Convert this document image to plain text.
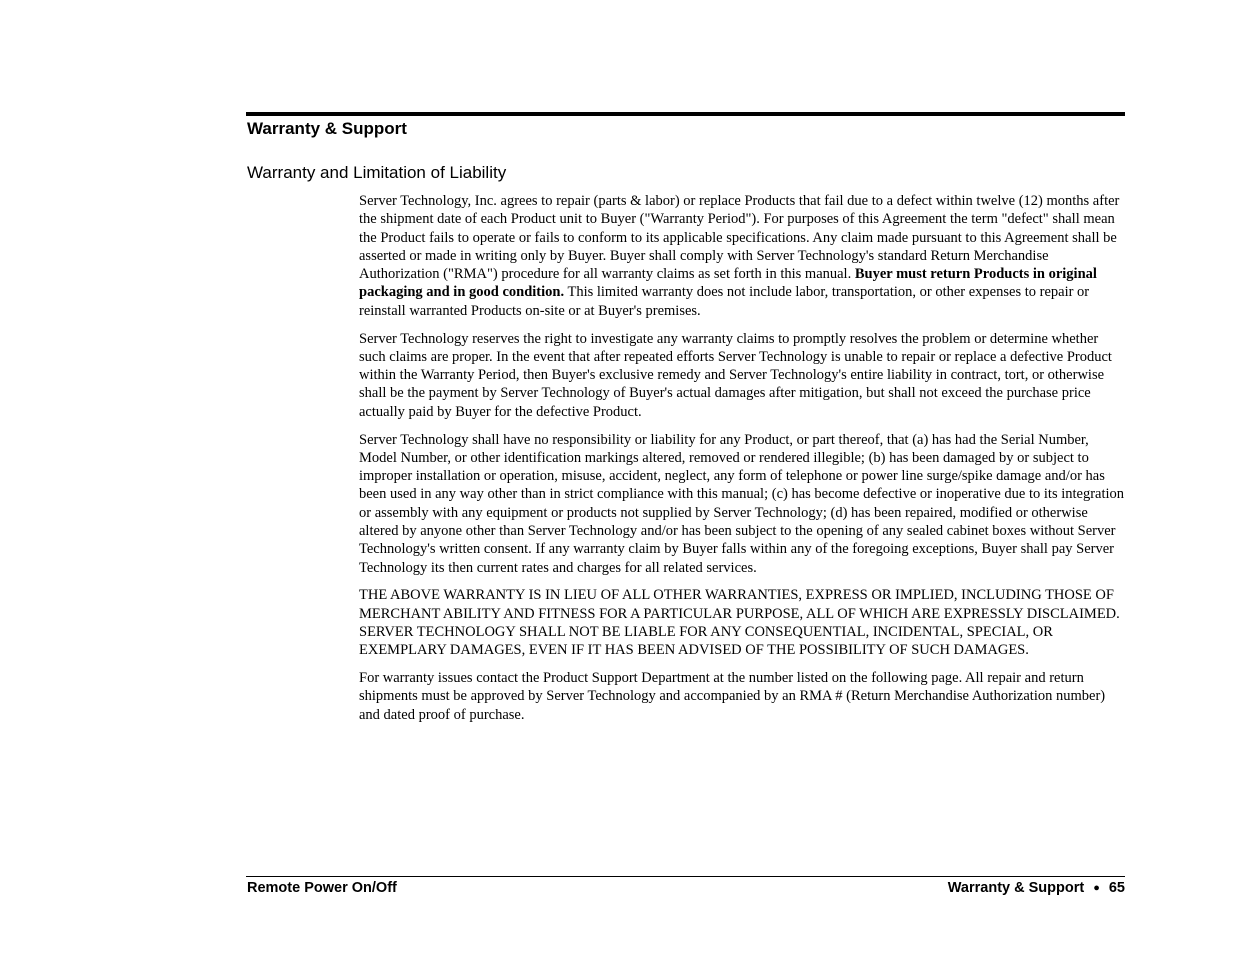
Warranty & Support
Warranty and Limitation of Liability

Server Technology, Inc. agrees to repair (parts & labor) or replace Products that fail due to a defect within twelve (12) months after the shipment date of each Product unit to Buyer ("Warranty Period"). For purposes of this Agreement the term "defect" shall mean the Product fails to operate or fails to conform to its applicable specifications. Any claim made pursuant to this Agreement shall be asserted or made in writing only by Buyer. Buyer shall comply with Server Technology's standard Return Merchandise Authorization ("RMA") procedure for all warranty claims as set forth in this manual. Buyer must return Products in original packaging and in good condition. This limited warranty does not include labor, transportation, or other expenses to repair or reinstall warranted Products on-site or at Buyer's premises.

Server Technology reserves the right to investigate any warranty claims to promptly resolves the problem or determine whether such claims are proper. In the event that after repeated efforts Server Technology is unable to repair or replace a defective Product within the Warranty Period, then Buyer's exclusive remedy and Server Technology's entire liability in contract, tort, or otherwise shall be the payment by Server Technology of Buyer's actual damages after mitigation, but shall not exceed the purchase price actually paid by Buyer for the defective Product.

Server Technology shall have no responsibility or liability for any Product, or part thereof, that (a) has had the Serial Number, Model Number, or other identification markings altered, removed or rendered illegible; (b) has been damaged by or subject to improper installation or operation, misuse, accident, neglect, any form of telephone or power line surge/spike damage and/or has been used in any way other than in strict compliance with this manual; (c) has become defective or inoperative due to its integration or assembly with any equipment or products not supplied by Server Technology; (d) has been repaired, modified or otherwise altered by anyone other than Server Technology and/or has been subject to the opening of any sealed cabinet boxes without Server Technology's written consent. If any warranty claim by Buyer falls within any of the foregoing exceptions, Buyer shall pay Server Technology its then current rates and charges for all related services.

THE ABOVE WARRANTY IS IN LIEU OF ALL OTHER WARRANTIES, EXPRESS OR IMPLIED, INCLUDING THOSE OF MERCHANT ABILITY AND FITNESS FOR A PARTICULAR PURPOSE, ALL OF WHICH ARE EXPRESSLY DISCLAIMED. SERVER TECHNOLOGY SHALL NOT BE LIABLE FOR ANY CONSEQUENTIAL, INCIDENTAL, SPECIAL, OR EXEMPLARY DAMAGES, EVEN IF IT HAS BEEN ADVISED OF THE POSSIBILITY OF SUCH DAMAGES.

For warranty issues contact the Product Support Department at the number listed on the following page. All repair and return shipments must be approved by Server Technology and accompanied by an RMA # (Return Merchandise Authorization number) and dated proof of purchase.

Remote Power On/Off	Warranty & Support ● 65
